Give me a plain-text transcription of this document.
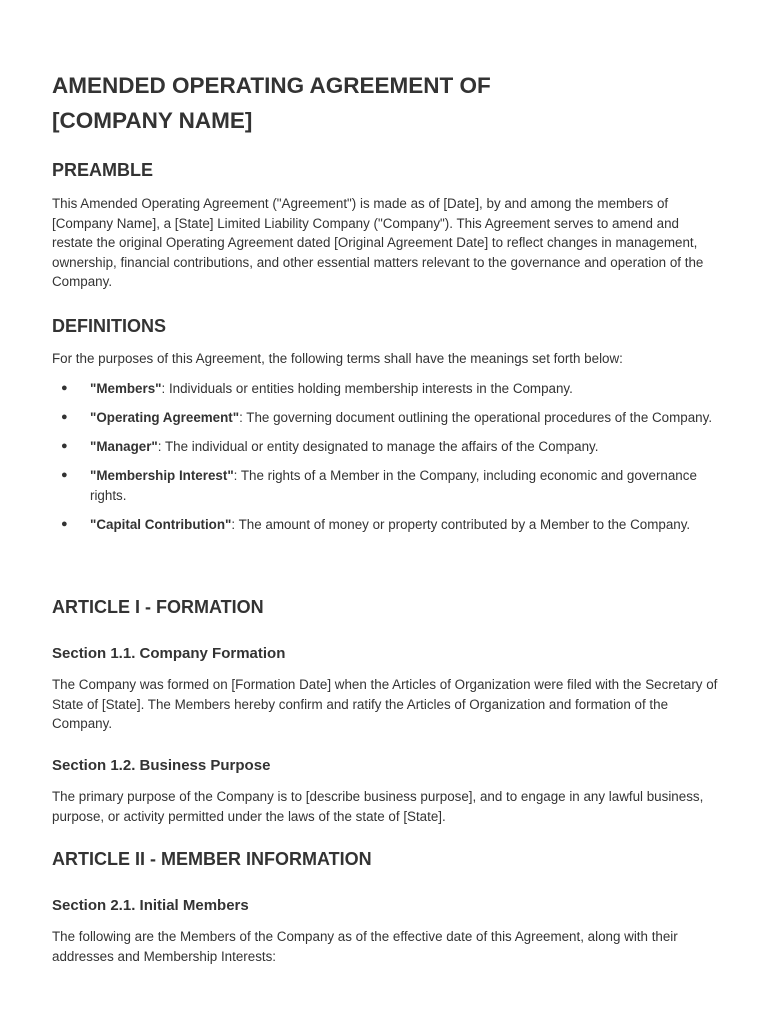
AMENDED OPERATING AGREEMENT OF
[COMPANY NAME]
PREAMBLE

This Amended Operating Agreement ("Agreement") is made as of [Date], by and among the members of [Company Name], a [State] Limited Liability Company ("Company"). This Agreement serves to amend and restate the original Operating Agreement dated [Original Agreement Date] to reflect changes in management, ownership, financial contributions, and other essential matters relevant to the governance and operation of the Company.

DEFINITIONS

For the purposes of this Agreement, the following terms shall have the meanings set forth below:

● "Members": Individuals or entities holding membership interests in the Company.
● "Operating Agreement": The governing document outlining the operational procedures of the Company.
● "Manager": The individual or entity designated to manage the affairs of the Company.
● "Membership Interest": The rights of a Member in the Company, including economic and governance rights.
● "Capital Contribution": The amount of money or property contributed by a Member to the Company.
ARTICLE I - FORMATION
Section 1.1. Company Formation

The Company was formed on [Formation Date] when the Articles of Organization were filed with the Secretary of State of [State]. The Members hereby confirm and ratify the Articles of Organization and formation of the Company.

Section 1.2. Business Purpose

The primary purpose of the Company is to [describe business purpose], and to engage in any lawful business, purpose, or activity permitted under the laws of the state of [State].

ARTICLE II - MEMBER INFORMATION
Section 2.1. Initial Members

The following are the Members of the Company as of the effective date of this Agreement, along with their addresses and Membership Interests:
